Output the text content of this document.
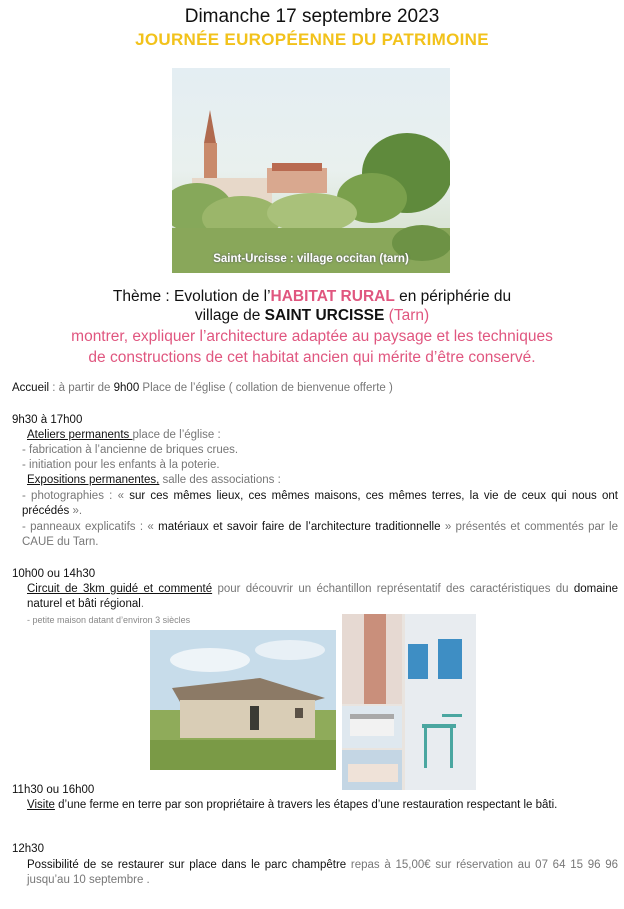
Dimanche 17 septembre 2023
JOURNÉE EUROPÉENNE DU PATRIMOINE
Saint-Urcisse : village occitan (tarn)
Thème : Evolution de l’HABITAT RURAL en périphérie du
village de SAINT URCISSE (Tarn)
montrer, expliquer l’architecture adaptée au paysage et les techniques
de constructions de cet habitat ancien qui mérite d’être conservé.
Accueil : à partir de 9h00 Place de l’église ( collation de bienvenue offerte )
9h30 à 17h00
Ateliers permanents place de l’église :
- fabrication à l’ancienne de briques crues.
- initiation pour les enfants à la poterie.
Expositions permanentes, salle des associations :
- photographies : « sur ces mêmes lieux, ces mêmes maisons, ces mêmes terres, la vie de ceux qui nous ont précédés ».
- panneaux explicatifs : « matériaux et savoir faire de l’architecture traditionnelle » présentés et commentés par le CAUE du Tarn.
10h00 ou 14h30
Circuit de 3km guidé et commenté pour découvrir un échantillon représentatif des caractéristiques du domaine naturel et bâti régional.
- petite maison datant d’environ 3 siècles
11h30 ou 16h00
Visite d’une ferme en terre par son propriétaire à travers les étapes d’une restauration respectant le bâti.
12h30
Possibilité de se restaurer sur place dans le parc champêtre repas à 15,00€ sur réservation au 07 64 15 96 96 jusqu’au 10 septembre .
